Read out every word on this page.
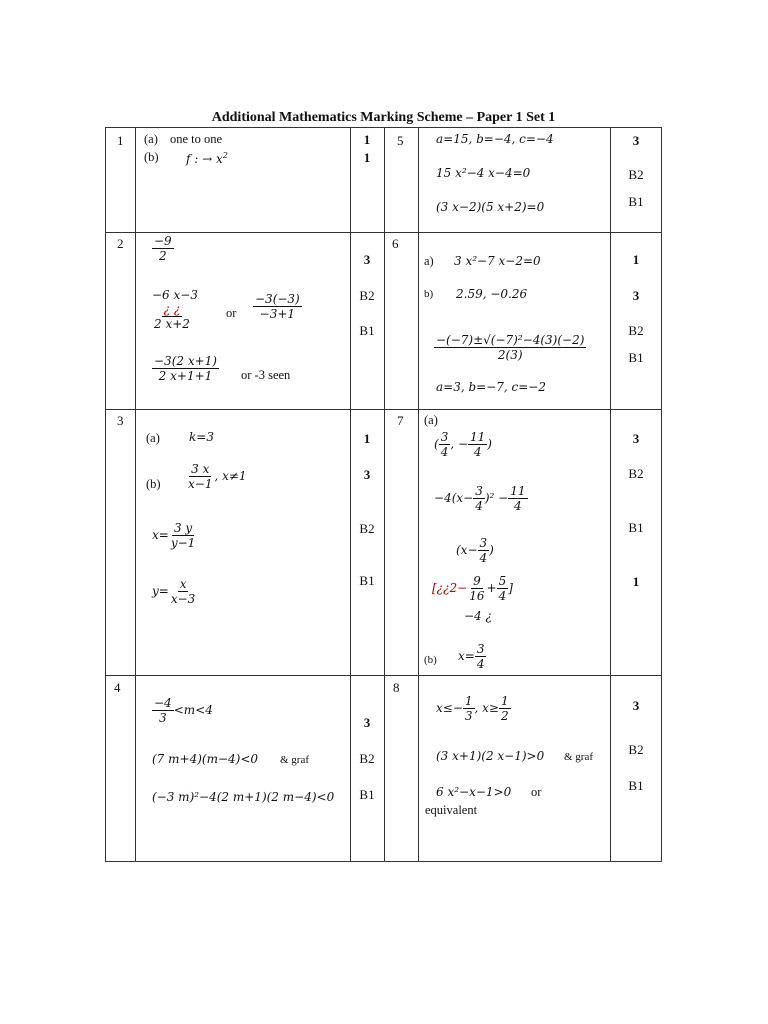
Additional Mathematics Marking Scheme – Paper 1 Set 1
1 (a) one to one
(b) f : → $x^2$
1
1
5	a=15, b=−4, c=−4
15 x²−4 x−4=0
(3 x−2)(5 x+2)=0
3
B2
B1
$2 \frac{-9}{2}$
−6 x−3
$\frac{¿ ¿}{2 x+2}$	or $\frac{-3(-3)}{-3+1}$
$\frac{-3(2 x+1)}{2 x+1+1}$ or -3 seen
3
B2
B1
6
a) 3 x²−7 x−2=0
b) 2.59, −0.26
$\frac{\text{−(−7)±√(−7)²−4(3)(−2)}}{2(3)}$
a=3, b=−7, c=−2
1
3
B2
B1
3
(a) k=3
$(b) \frac{3 x}{x-1}$ , x≠1
$x= \frac{3 y}{y-1}$
$y= \frac{x}{x-3}$
1
3
B2
B1
7 (a)
( $\frac{3}{4}$ , − $\frac{11}{4}$ )
$-4(x- \frac{3}{4} )^2 - \frac{11}{4}$
($x- \frac{3}{4}$ )
[¿¿2− $\frac{9}{16} + \frac{5}{4}$ ]
−4 ¿
(b) $x= \frac{3}{4}$
3
B2
B1
1
4
$\frac{-4}{3} <m<4$
(7 m+4)(m−4)<0 & graf
(−3 m)²−4(2 m+1)(2 m−4)<0
3
B2
B1
8
$x\le- \frac{1}{3}$ , $x\ge \frac{1}{2}$
(3 x+1)(2 x−1)>0 & graf
6 x²−x−1>0 or
equivalent
3
B2
B1
